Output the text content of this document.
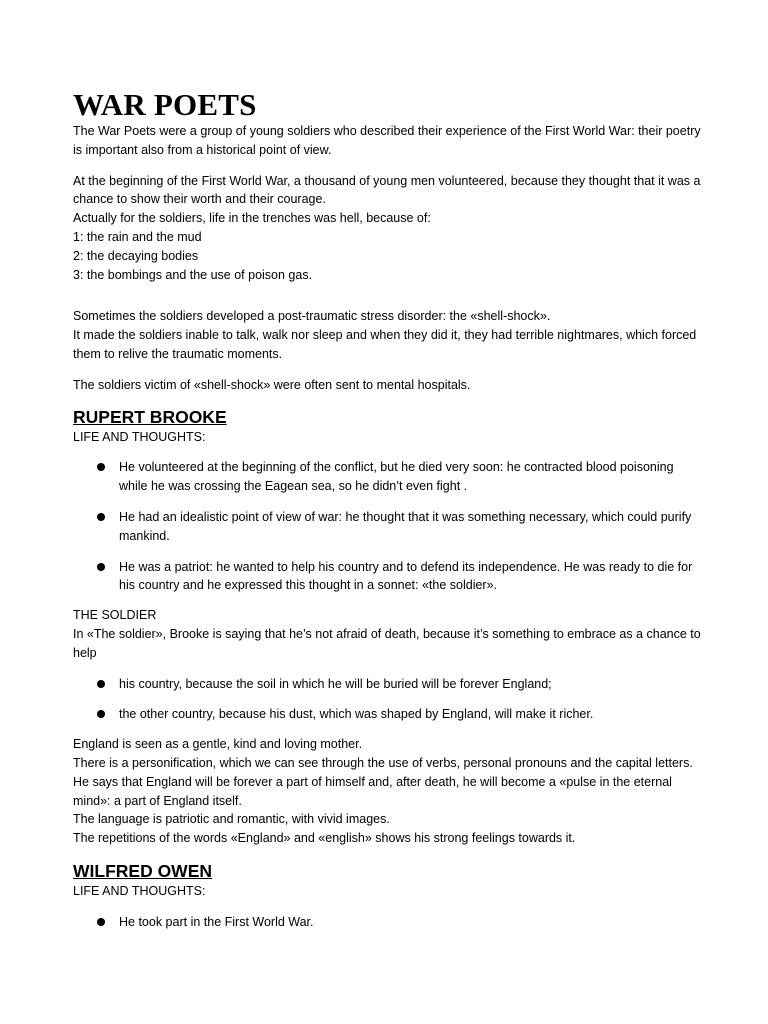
WAR POETS

The War Poets were a group of young soldiers who described their experience of the First World War: their poetry is important also from a historical point of view.

At the beginning of the First World War, a thousand of young men volunteered, because they thought that it was a chance to show their worth and their courage.

Actually for the soldiers, life in the trenches was hell, because of:

1: the rain and the mud

2: the decaying bodies

3: the bombings and the use of poison gas.

Sometimes the soldiers developed a post-traumatic stress disorder: the «shell-shock».

It made the soldiers inable to talk, walk nor sleep and when they did it, they had terrible nightmares, which forced them to relive the traumatic moments.

The soldiers victim of «shell-shock» were often sent to mental hospitals.

RUPERT BROOKE

LIFE AND THOUGHTS:

He volunteered at the beginning of the conflict, but he died very soon: he contracted blood poisoning while he was crossing the Eagean sea, so he didn’t even fight .
He had an idealistic point of view of war: he thought that it was something necessary, which could purify mankind.
He was a patriot: he wanted to help his country and to defend its independence. He was ready to die for his country and he expressed this thought in a sonnet: «the soldier».

THE SOLDIER

In «The soldier», Brooke is saying that he’s not afraid of death, because it’s something to embrace as a chance to help

his country, because the soil in which he will be buried will be forever England;
the other country, because his dust, which was shaped by England, will make it richer.

England is seen as a gentle, kind and loving mother.

There is a personification, which we can see through the use of verbs, personal pronouns and the capital letters. He says that England will be forever a part of himself and, after death, he will become a «pulse in the eternal mind»: a part of England itself.

The language is patriotic and romantic, with vivid images.

The repetitions of the words «England» and «english» shows his strong feelings towards it.

WILFRED OWEN

LIFE AND THOUGHTS:

He took part in the First World War.
